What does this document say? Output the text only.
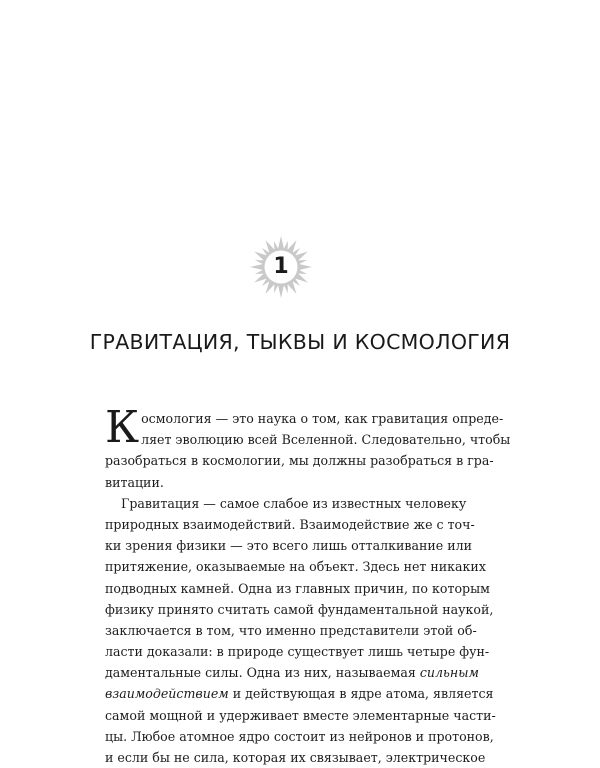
1
ГРАВИТАЦИЯ, ТЫКВЫ И КОСМОЛОГИЯ
К осмология — это наука о том, как гравитация опреде-
ляет эволюцию всей Вселенной. Следовательно, чтобы
разобраться в космологии, мы должны разобраться в гра-
витации.
Гравитация — самое слабое из известных человеку
природных взаимодействий. Взаимодействие же с точ-
ки зрения физики — это всего лишь отталкивание или
притяжение, оказываемые на объект. Здесь нет никаких
подводных камней. Одна из главных причин, по которым
физику принято считать самой фундаментальной наукой,
заключается в том, что именно представители этой об-
ласти доказали: в природе существует лишь четыре фун-
даментальные силы. Одна из них, называемая сильным
взаимодействием и действующая в ядре атома, является
самой мощной и удерживает вместе элементарные части-
цы. Любое атомное ядро состоит из нейронов и протонов,
и если бы не сила, которая их связывает, электрическое
